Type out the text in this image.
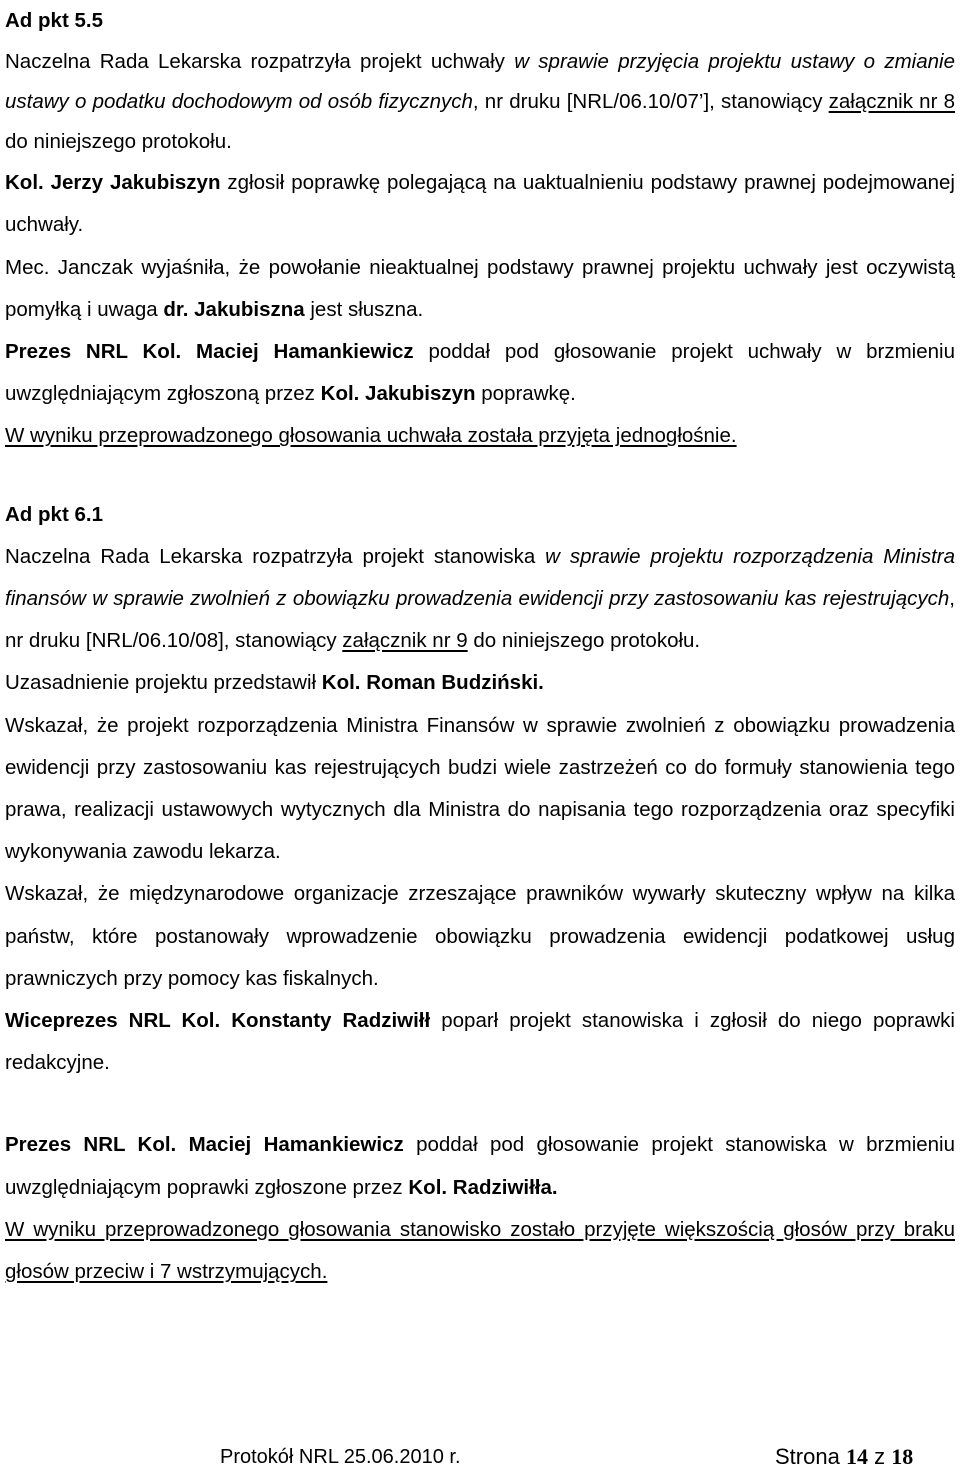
Ad pkt 5.5

Naczelna Rada Lekarska rozpatrzyła projekt uchwały w sprawie przyjęcia projektu ustawy o zmianie ustawy o podatku dochodowym od osób fizycznych, nr druku [NRL/06.10/07’], stanowiący załącznik nr 8 do niniejszego protokołu.

Kol. Jerzy Jakubiszyn zgłosił poprawkę polegającą na uaktualnieniu podstawy prawnej podejmowanej uchwały.

Mec. Janczak wyjaśniła, że powołanie nieaktualnej podstawy prawnej projektu uchwały jest oczywistą pomyłką i uwaga dr. Jakubiszna jest słuszna.

Prezes NRL Kol. Maciej Hamankiewicz poddał pod głosowanie projekt uchwały w brzmieniu uwzględniającym zgłoszoną przez Kol. Jakubiszyn poprawkę.

W wyniku przeprowadzonego głosowania uchwała została przyjęta jednogłośnie.

Ad pkt 6.1

Naczelna Rada Lekarska rozpatrzyła projekt stanowiska w sprawie projektu rozporządzenia Ministra finansów w sprawie zwolnień z obowiązku prowadzenia ewidencji przy zastosowaniu kas rejestrujących, nr druku [NRL/06.10/08], stanowiący załącznik nr 9 do niniejszego protokołu.

Uzasadnienie projektu przedstawił Kol. Roman Budziński.

Wskazał, że projekt rozporządzenia Ministra Finansów w sprawie zwolnień z obowiązku prowadzenia ewidencji przy zastosowaniu kas rejestrujących budzi wiele zastrzeżeń co do formuły stanowienia tego prawa, realizacji ustawowych wytycznych dla Ministra do napisania tego rozporządzenia oraz specyfiki wykonywania zawodu lekarza.

Wskazał, że międzynarodowe organizacje zrzeszające prawników wywarły skuteczny wpływ na kilka państw, które postanowały wprowadzenie obowiązku prowadzenia ewidencji podatkowej usług prawniczych przy pomocy kas fiskalnych.

Wiceprezes NRL Kol. Konstanty Radziwiłł poparł projekt stanowiska i zgłosił do niego poprawki redakcyjne.

Prezes NRL Kol. Maciej Hamankiewicz poddał pod głosowanie projekt stanowiska w brzmieniu uwzględniającym poprawki zgłoszone przez Kol. Radziwiłła.

W wyniku przeprowadzonego głosowania stanowisko zostało przyjęte większością głosów przy braku głosów przeciw i 7 wstrzymujących.

Protokół NRL 25.06.2010 r.	Strona 14 z 18
